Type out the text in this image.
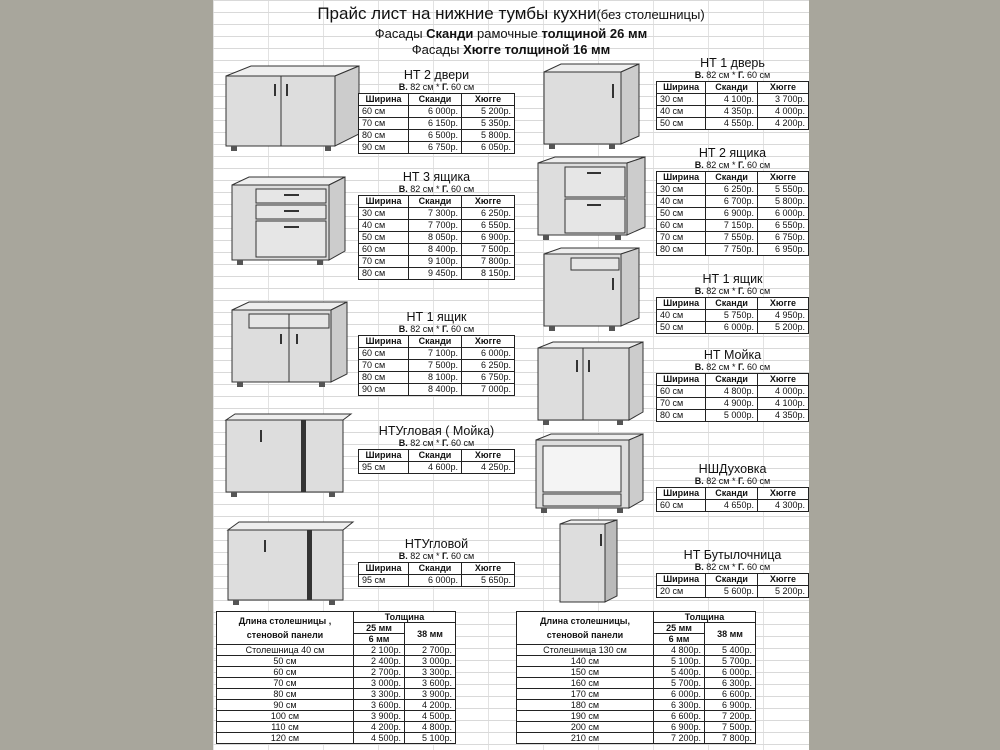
Прайс лист на нижние тумбы кухни(без столешницы)
Фасады Сканди рамочные толщиной 26 мм
Фасады Хюгге толщиной 16 мм
НТ 2 двери
В. 82 см * Г. 60 см
Ширина	Сканди	Хюгге
60 см	6 000р.	5 200р.
70 см	6 150р.	5 350р.
80 см	6 500р.	5 800р.
90 см	6 750р.	6 050р.
НТ 3 ящика
В. 82 см * Г. 60 см
Ширина	Сканди	Хюгге
30 см	7 300р.	6 250р.
40 см	7 700р.	6 550р.
50 см	8 050р.	6 900р.
60 см	8 400р.	7 500р.
70 см	9 100р.	7 800р.
80 см	9 450р.	8 150р.
НТ 1 ящик
В. 82 см * Г. 60 см
Ширина	Сканди	Хюгге
60 см	7 100р.	6 000р.
70 см	7 500р.	6 250р.
80 см	8 100р.	6 750р.
90 см	8 400р.	7 000р.
НТУгловая ( Мойка)
В. 82 см * Г. 60 см
Ширина	Сканди	Хюгге
95 см	4 600р.	4 250р.
НТУгловой
В. 82 см * Г. 60 см
Ширина	Сканди	Хюгге
95 см	6 000р.	5 650р.
НТ 1 дверь
В. 82 см * Г. 60 см
Ширина	Сканди	Хюгге
30 см	4 100р.	3 700р.
40 см	4 350р.	4 000р.
50 см	4 550р.	4 200р.
НТ 2 ящика
В. 82 см * Г. 60 см
Ширина	Сканди	Хюгге
30 см	6 250р.	5 550р.
40 см	6 700р.	5 800р.
50 см	6 900р.	6 000р.
60 см	7 150р.	6 550р.
70 см	7 550р.	6 750р.
80 см	7 750р.	6 950р.
НТ 1 ящик
В. 82 см * Г. 60 см
Ширина	Сканди	Хюгге
40 см	5 750р.	4 950р.
50 см	6 000р.	5 200р.
НТ Мойка
В. 82 см * Г. 60 см
Ширина	Сканди	Хюгге
60 см	4 800р.	4 000р.
70 см	4 900р.	4 100р.
80 см	5 000р.	4 350р.
НШДуховка
В. 82 см * Г. 60 см
Ширина	Сканди	Хюгге
60 см	4 650р.	4 300р.
НТ Бутылочница
В. 82 см * Г. 60 см
Ширина	Сканди	Хюгге
20 см	5 600р.	5 200р.
Длина столешницы ,
стеновой панели	Толщина	
	25 мм	38 мм
	6 мм	
Столешница 40 см	2 100р.	2 700р.
50 см	2 400р.	3 000р.
60 см	2 700р.	3 300р.
70 см	3 000р.	3 600р.
80 см	3 300р.	3 900р.
90 см	3 600р.	4 200р.
100 см	3 900р.	4 500р.
110 см	4 200р.	4 800р.
120 см	4 500р.	5 100р.
Длина столешницы,
стеновой панели	Толщина	
	25 мм	38 мм
	6 мм	
Столешница 130 см	4 800р.	5 400р.
140 см	5 100р.	5 700р.
150 см	5 400р.	6 000р.
160 см	5 700р.	6 300р.
170 см	6 000р.	6 600р.
180 см	6 300р.	6 900р.
190 см	6 600р.	7 200р.
200 см	6 900р.	7 500р.
210 см	7 200р.	7 800р.
